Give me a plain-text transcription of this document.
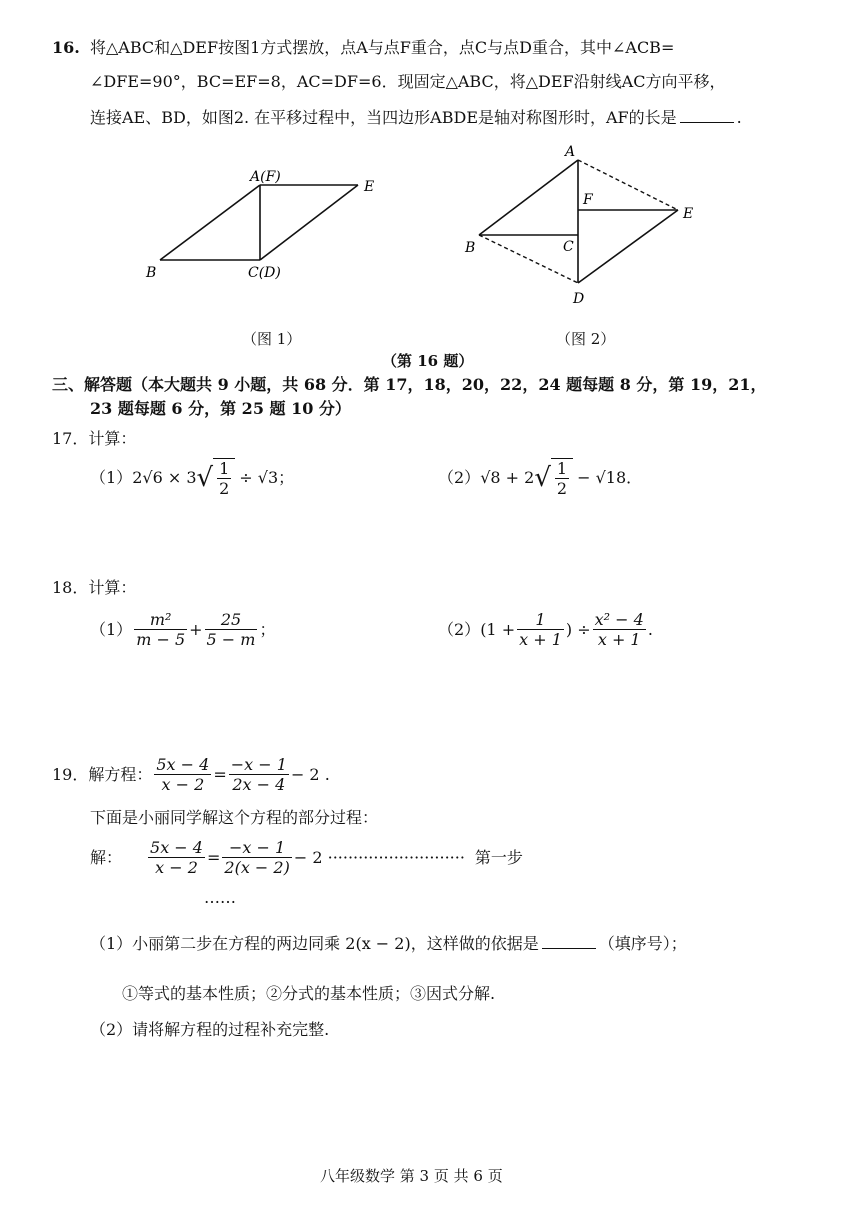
16. 将△ABC和△DEF按图1方式摆放，点A与点F重合，点C与点D重合，其中∠ACB=
∠DFE=90°，BC=EF=8，AC=DF=6．现固定△ABC，将△DEF沿射线AC方向平移，
连接AE、BD，如图2. 在平移过程中，当四边形ABDE是轴对称图形时，AF的长是	.
A(F)
E
B	C(D)
（图 1）
A
F
E
B	C
D
（图 2）
（第 16 题）
三、解答题（本大题共 9 小题，共 68 分．第 17，18，20，22，24 题每题 8 分，第 19，21，
23 题每题 6 分，第 25 题 10 分）
17．计算：
（1） 2√6 × 3 √ $\frac{1}{2} \div √3$；	（2） √8 + 2 √ $\frac{1}{2} - √18$．
18．计算：
$(1) \frac{\text{m²}}{m - 5} + \frac{25}{5 - m}$ ；	（2） ($1 + \frac{1}{x + 1}$ ) ÷ $\frac{\text{x² − 4}}{x + 1}$ .
19．解方程： $\frac{5x - 4}{x - 2} = \frac{-x - 1}{2x - 4} - 2$ .
下面是小丽同学解这个方程的部分过程：
解： $\frac{5x - 4}{x - 2} = \frac{-x - 1}{2(x - 2)} - 2$ ··························· 第一步
……
（1）小丽第二步在方程的两边同乘 2(x − 2)，这样做的依据是	（填序号）；
①等式的基本性质；②分式的基本性质；③因式分解.
（2）请将解方程的过程补充完整.
八年级数学 第 3 页 共 6 页
